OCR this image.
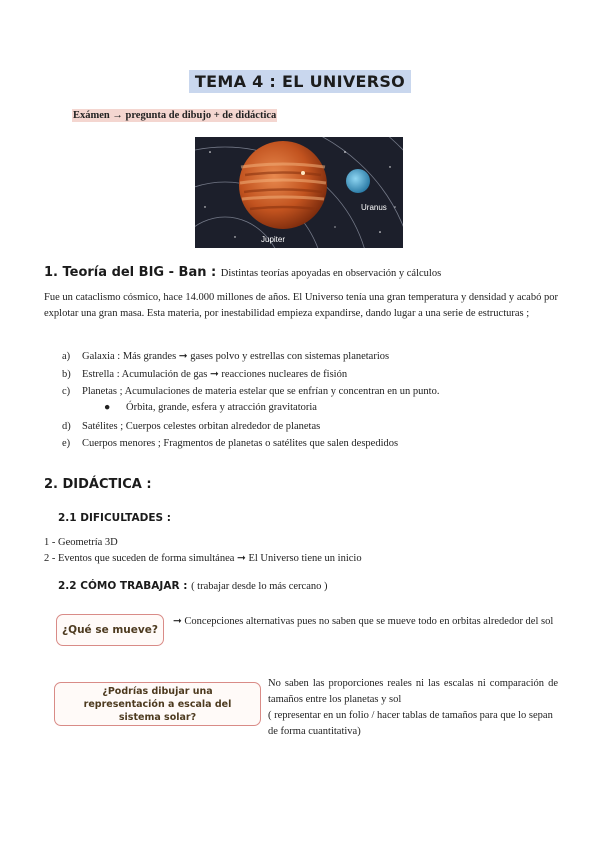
TEMA 4 : EL UNIVERSO
Exámen → pregunta de dibujo + de didáctica
Uranus
Jupiter
1. Teoría del BIG - Ban : Distintas teorías apoyadas en observación y cálculos
Fue un cataclismo cósmico, hace 14.000 millones de años. El Universo tenía una gran temperatura y densidad y acabó por explotar una gran masa. Esta materia, por inestabilidad empieza expandirse, dando lugar a una serie de estructuras ;
a) Galaxia : Más grandes ➞ gases polvo y estrellas con sistemas planetarios
b) Estrella : Acumulación de gas ➞ reacciones nucleares de fisión
c) Planetas ; Acumulaciones de materia estelar que se enfrían y concentran en un punto.
d) Satélites ; Cuerpos celestes orbitan alrededor de planetas
e) Cuerpos menores ; Fragmentos de planetas o satélites que salen despedidos
● Órbita, grande, esfera y atracción gravitatoria
2. DIDÁCTICA :
2.1 DIFICULTADES :
1 - Geometría 3D
2 - Eventos que suceden de forma simultánea ➞ El Universo tiene un inicio
2.2 CÓMO TRABAJAR : ( trabajar desde lo más cercano )
¿Qué se mueve?
➞ Concepciones alternativas pues no saben que se mueve todo en orbitas alrededor del sol
¿Podrías dibujar una representación a escala del sistema solar?
No saben las proporciones reales ni las escalas ni comparación de tamaños entre los planetas y sol
( representar en un folio / hacer tablas de tamaños para que lo sepan de forma cuantitativa)
